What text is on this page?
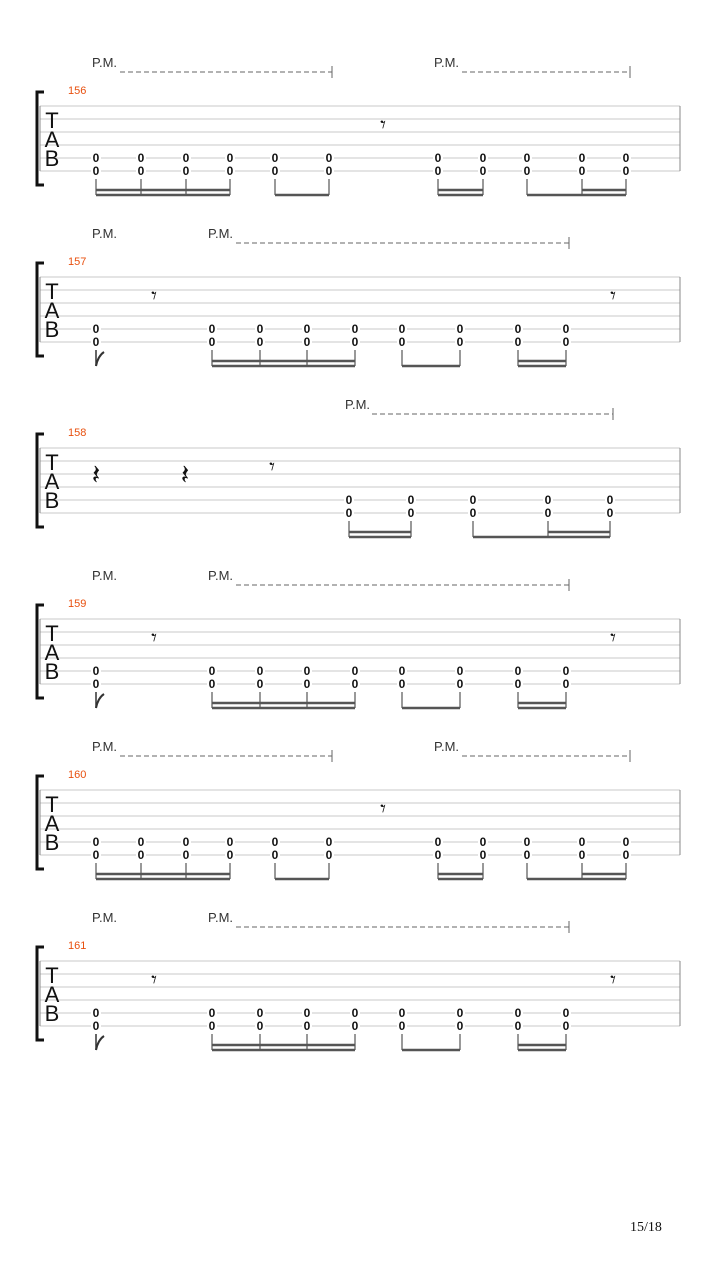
P.M.	P.M.
156
T
A
B
𝄾
0
0
0
0
0
0
0
0
0
0
0
0
0
0
0
0
0
0
0
0
0
0
P.M.	P.M.
157
T
A
B
𝄾	𝄾
0
0
0
0
0
0
0
0
0
0
0
0
0
0
0
0
0
0
P.M.
158
T
A
B
𝄽	𝄽	𝄾
0
0
0
0
0
0
0
0
0
0
P.M.	P.M.
159
T
A
B
𝄾	𝄾
0
0
0
0
0
0
0
0
0
0
0
0
0
0
0
0
0
0
P.M.	P.M.
160
T
A
B
𝄾
0
0
0
0
0
0
0
0
0
0
0
0
0
0
0
0
0
0
0
0
0
0
P.M.	P.M.
161
T
A
B
𝄾	𝄾
0
0
0
0
0
0
0
0
0
0
0
0
0
0
0
0
0
0
15/18
